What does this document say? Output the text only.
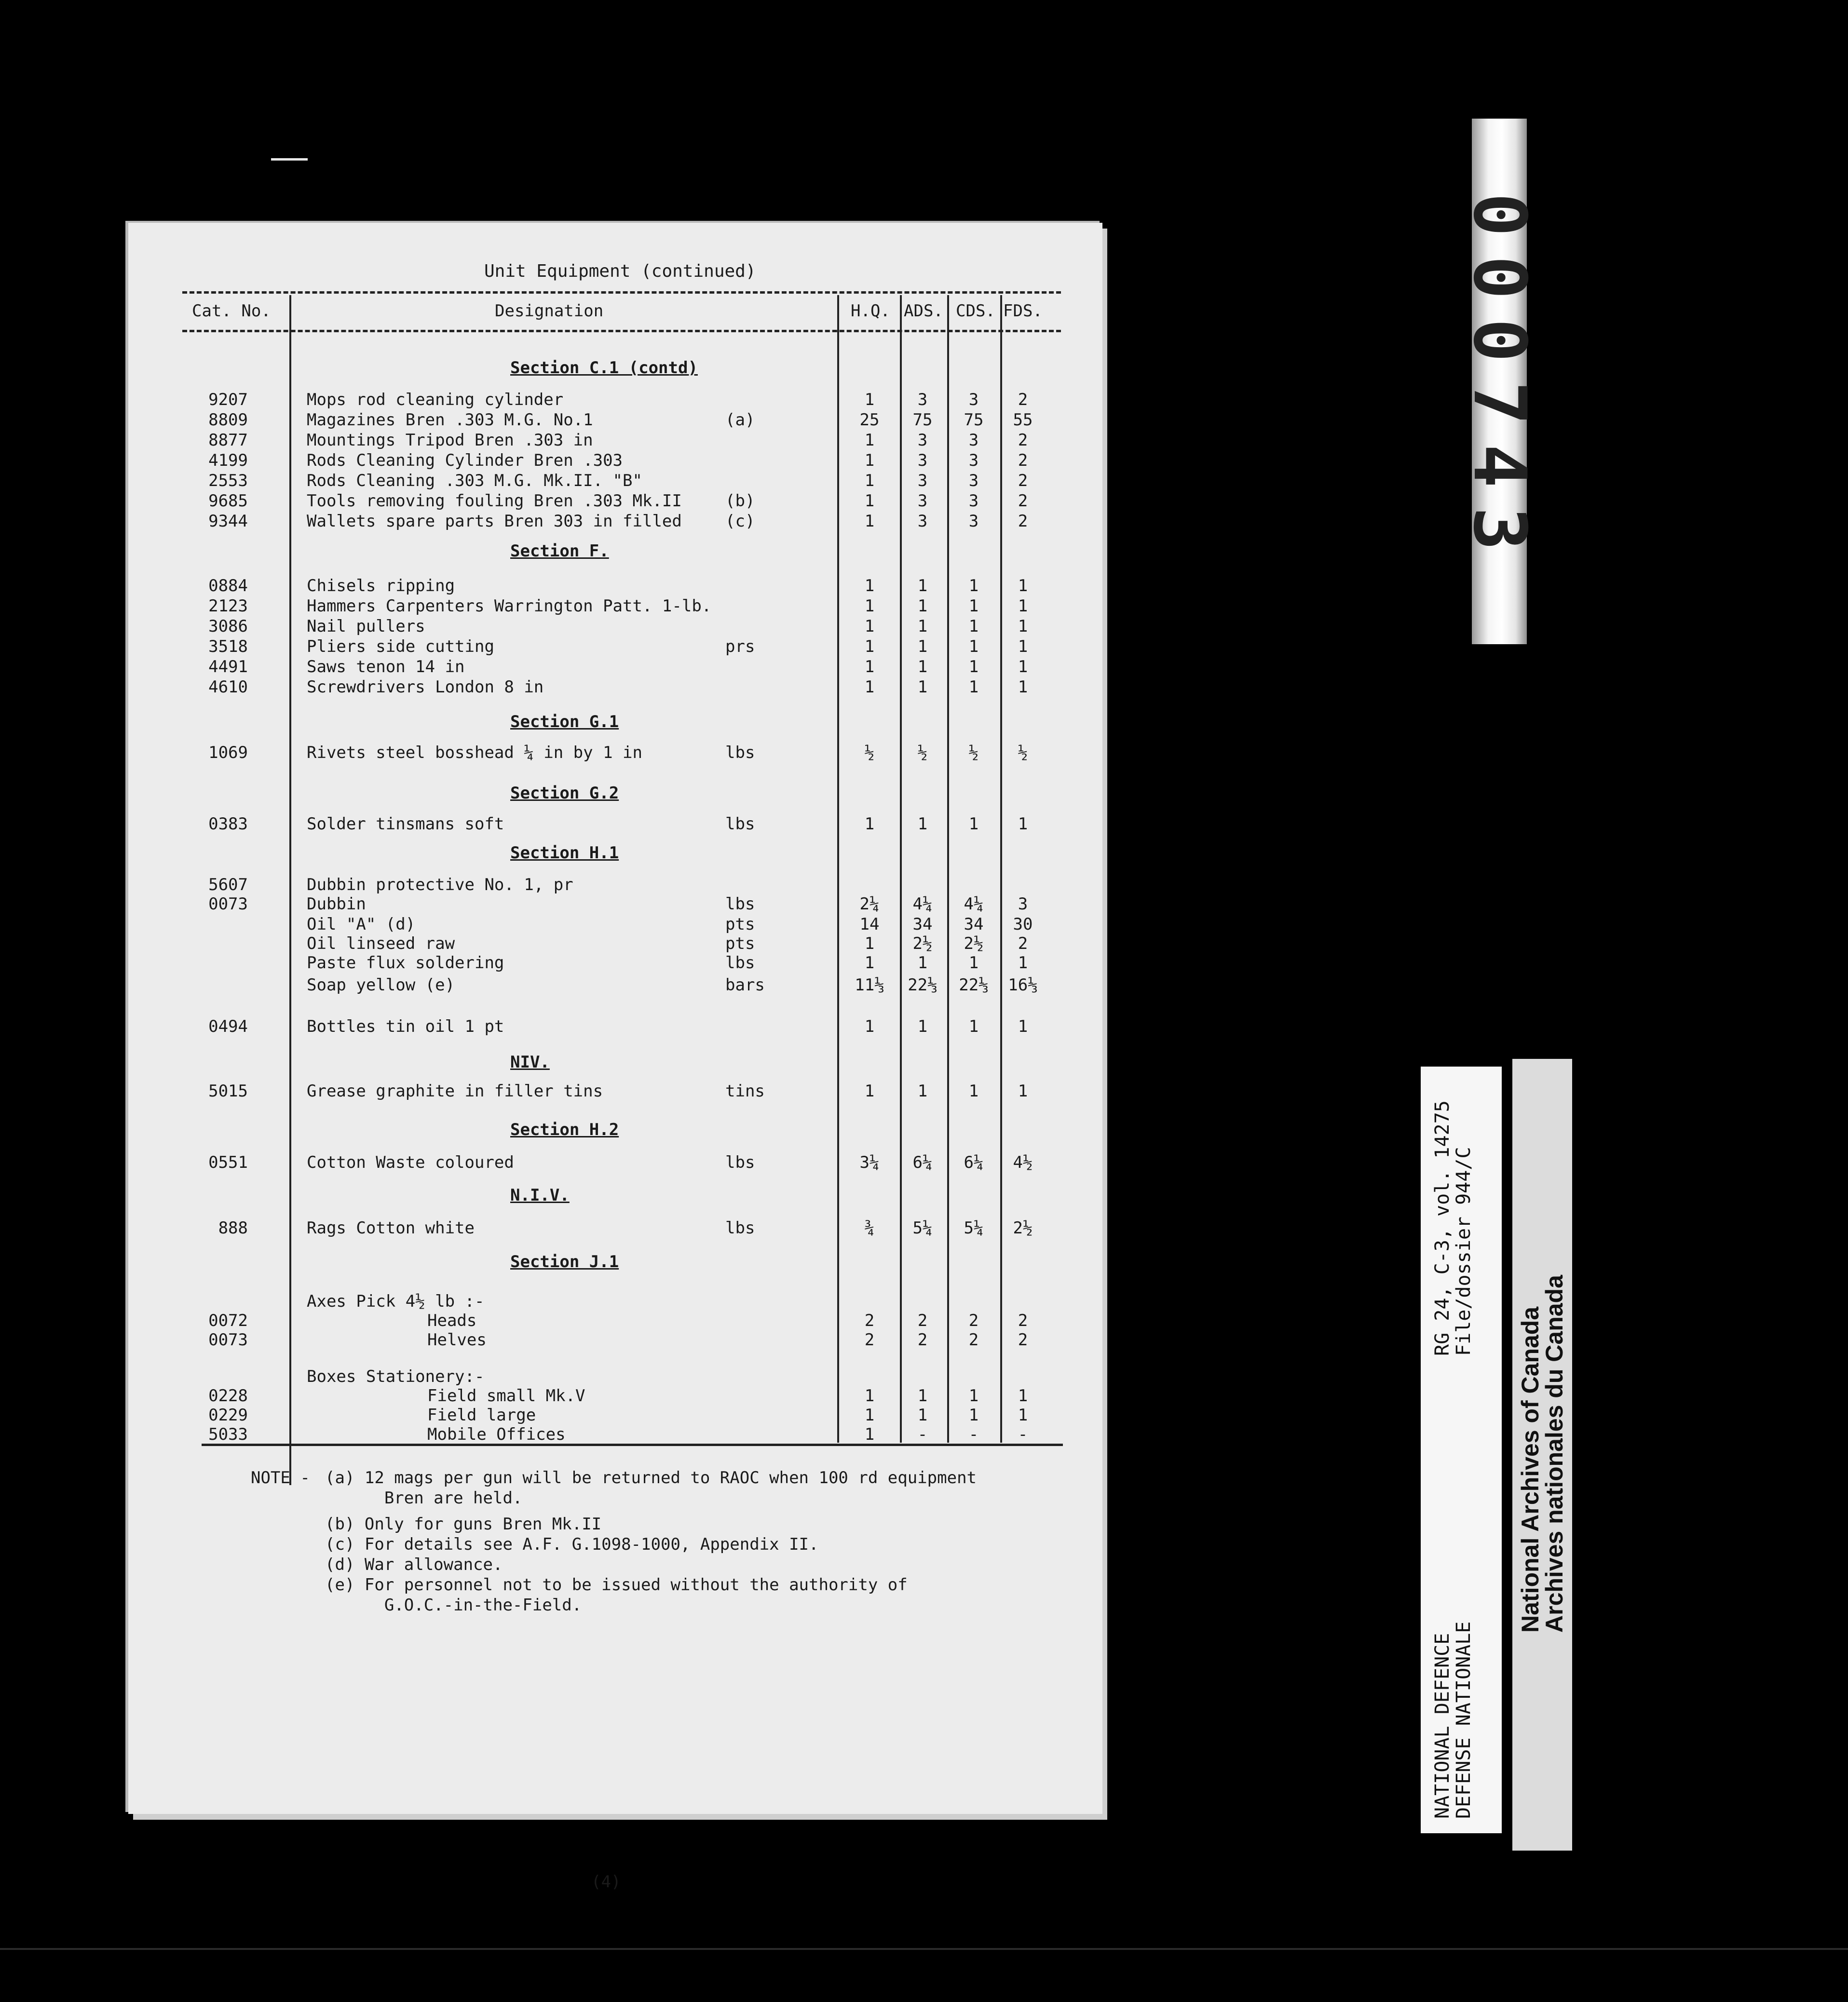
Unit Equipment (continued)
Cat. No.	Designation	H.Q. ADS. CDS. FDS.
Section C.1 (contd)
9207	Mops rod cleaning cylinder	1	3	3	2
8809	Magazines Bren .303 M.G. No.1	(a)	25	75	75	55
8877	Mountings Tripod Bren .303 in	1	3	3	2
4199	Rods Cleaning Cylinder Bren .303	1	3	3	2
2553	Rods Cleaning .303 M.G. Mk.II. "B"	1	3	3	2
9685	Tools removing fouling Bren .303 Mk.II	(b)	1	3	3	2
9344	Wallets spare parts Bren 303 in filled	(c)	1	3	3	2
Section F.
0884	Chisels ripping	1	1	1	1
2123	Hammers Carpenters Warrington Patt. 1-lb.	1	1	1	1
3086	Nail pullers	1	1	1	1
3518	Pliers side cutting	prs	1	1	1	1
4491	Saws tenon 14 in	1	1	1	1
4610	Screwdrivers London 8 in	1	1	1	1
Section G.1
1069	Rivets steel bosshead ¼ in by 1 in	lbs	½	½	½	½
Section G.2
0383	Solder tinsmans soft	lbs	1	1	1	1
Section H.1
5607	Dubbin protective No. 1, pr
0073	Dubbin	lbs	2¼	4¼	4¼	3
Oil "A" (d)	pts	14	34	34	30
Oil linseed raw	pts	1	2½	2½	2
Paste flux soldering	lbs	1	1	1	1
Soap yellow (e)	bars	11⅓ 22⅓ 22⅓ 16⅓
0494	Bottles tin oil 1 pt	1	1	1	1
NIV.
5015	Grease graphite in filler tins	tins	1	1	1	1
Section H.2
0551	Cotton Waste coloured	lbs	3¼	6¼	6¼	4½
N.I.V.
888	Rags Cotton white	lbs	¾	5¼	5¼	2½
Section J.1
Axes Pick 4½ lb :-
0072	Heads	2	2	2	2
0073	Helves	2	2	2	2
Boxes Stationery:-
0228	Field small Mk.V	1	1	1	1
0229	Field large	1	1	1	1
5033	Mobile Offices	1	-	-	-
NOTE - (a) 12 mags per gun will be returned to RAOC when 100 rd equipment
Bren are held.
(b) Only for guns Bren Mk.II
(c) For details see A.F. G.1098-1000, Appendix II.
(d) War allowance.
(e) For personnel not to be issued without the authority of
G.O.C.-in-the-Field.
(4)
000743
RG 24, C-3, vol. 14275
File/dossier 944/C
NATIONAL DEFENCE
DEFENSE NATIONALE
National Archives of Canada
Archives nationales du Canada
